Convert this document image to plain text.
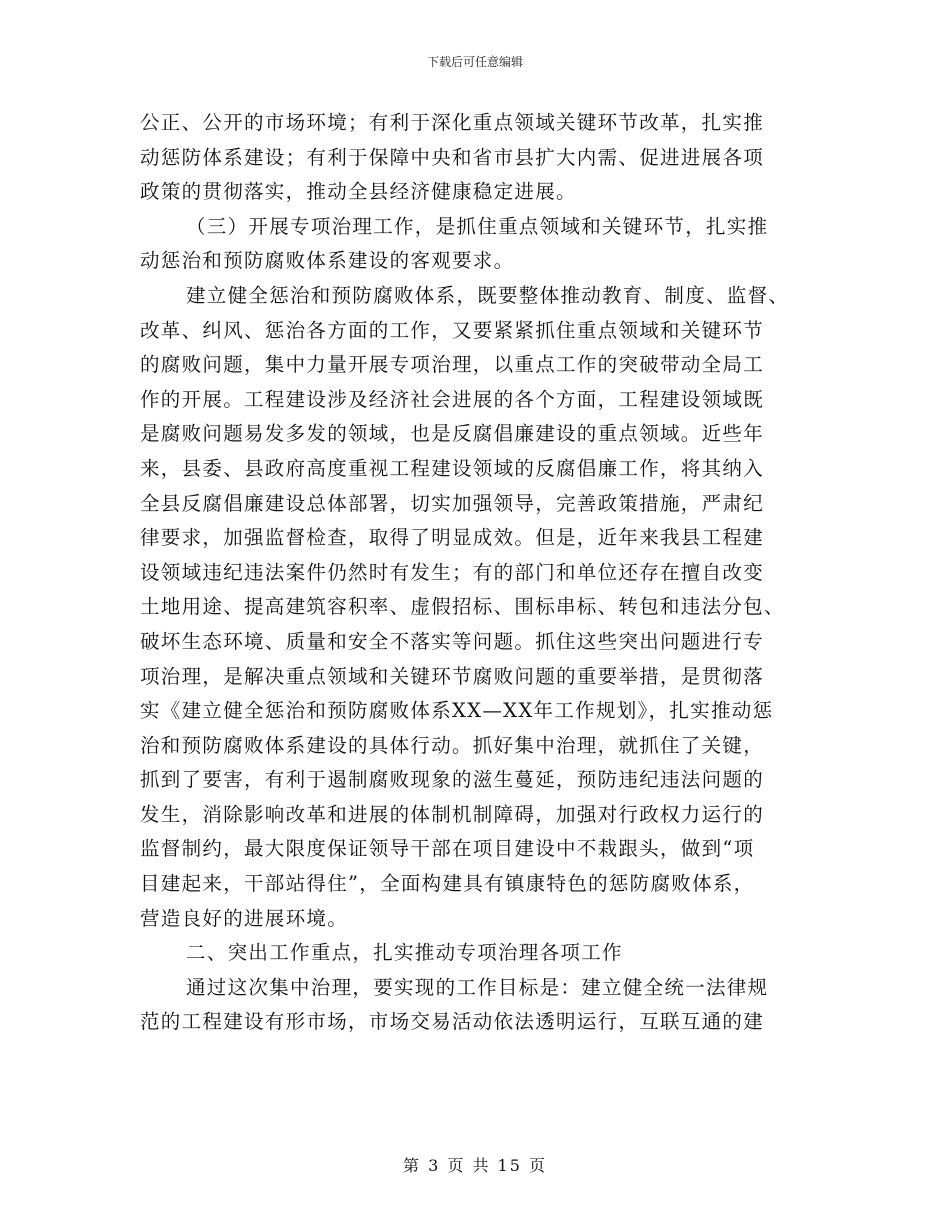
下载后可任意编辑
公正、公开的市场环境；有利于深化重点领域关键环节改革，扎实推
动惩防体系建设；有利于保障中央和省市县扩大内需、促进进展各项
政策的贯彻落实，推动全县经济健康稳定进展。
（三）开展专项治理工作，是抓住重点领域和关键环节，扎实推
动惩治和预防腐败体系建设的客观要求。
建立健全惩治和预防腐败体系，既要整体推动教育、制度、监督、
改革、纠风、惩治各方面的工作，又要紧紧抓住重点领域和关键环节
的腐败问题，集中力量开展专项治理，以重点工作的突破带动全局工
作的开展。工程建设涉及经济社会进展的各个方面，工程建设领域既
是腐败问题易发多发的领域，也是反腐倡廉建设的重点领域。近些年
来，县委、县政府高度重视工程建设领域的反腐倡廉工作，将其纳入
全县反腐倡廉建设总体部署，切实加强领导，完善政策措施，严肃纪
律要求，加强监督检查，取得了明显成效。但是，近年来我县工程建
设领域违纪违法案件仍然时有发生；有的部门和单位还存在擅自改变
土地用途、提高建筑容积率、虚假招标、围标串标、转包和违法分包、
破坏生态环境、质量和安全不落实等问题。抓住这些突出问题进行专
项治理，是解决重点领域和关键环节腐败问题的重要举措，是贯彻落
实《建立健全惩治和预防腐败体系XX—XX年工作规划》，扎实推动惩
治和预防腐败体系建设的具体行动。抓好集中治理，就抓住了关键，
抓到了要害，有利于遏制腐败现象的滋生蔓延，预防违纪违法问题的
发生，消除影响改革和进展的体制机制障碍，加强对行政权力运行的
监督制约，最大限度保证领导干部在项目建设中不栽跟头，做到“项
目建起来，干部站得住”，全面构建具有镇康特色的惩防腐败体系，
营造良好的进展环境。
二、突出工作重点，扎实推动专项治理各项工作
通过这次集中治理，要实现的工作目标是：建立健全统一法律规
范的工程建设有形市场，市场交易活动依法透明运行，互联互通的建
第 3 页 共 15 页
